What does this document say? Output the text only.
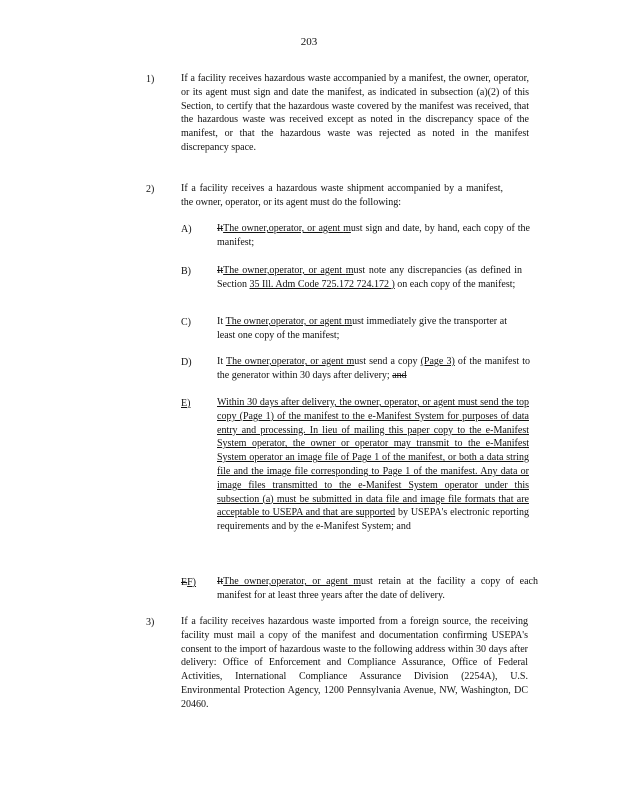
203
1)	If a facility receives hazardous waste accompanied by a manifest, the owner, operator, or its agent must sign and date the manifest, as indicated in subsection (a)(2) of this Section, to certify that the hazardous waste covered by the manifest was received, that the hazardous waste was received except as noted in the discrepancy space of the manifest, or that the hazardous waste was rejected as noted in the manifest discrepancy space.
2)	If a facility receives a hazardous waste shipment accompanied by a manifest, the owner, operator, or its agent must do the following:
A)	ItThe owner,operator, or agent must sign and date, by hand, each copy of the manifest;
B)	ItThe owner,operator, or agent must note any discrepancies (as defined in Section 35 Ill. Adm Code 725.172 724.172 ) on each copy of the manifest;
C)	It The owner,operator, or agent must immediately give the transporter at least one copy of the manifest;
D)	It The owner,operator, or agent must send a copy (Page 3) of the manifest to the generator within 30 days after delivery; and
E)	Within 30 days after delivery, the owner, operator, or agent must send the top copy (Page 1) of the manifest to the e-Manifest System for purposes of data entry and processing. In lieu of mailing this paper copy to the e-Manifest System operator, the owner or operator may transmit to the e-Manifest System operator an image file of Page 1 of the manifest, or both a data string file and the image file corresponding to Page 1 of the manifest. Any data or image files transmitted to the e-Manifest System operator under this subsection (a) must be submitted in data file and image file formats that are acceptable to USEPA and that are supported by USEPA's electronic reporting requirements and by the e-Manifest System; and
EF) ItThe owner,operator, or agent must retain at the facility a copy of each manifest for at least three years after the date of delivery.
3)	If a facility receives hazardous waste imported from a foreign source, the receiving facility must mail a copy of the manifest and documentation confirming USEPA's consent to the import of hazardous waste to the following address within 30 days after delivery: Office of Enforcement and Compliance Assurance, Office of Federal Activities, International Compliance Assurance Division (2254A), U.S. Environmental Protection Agency, 1200 Pennsylvania Avenue, NW, Washington, DC 20460.
